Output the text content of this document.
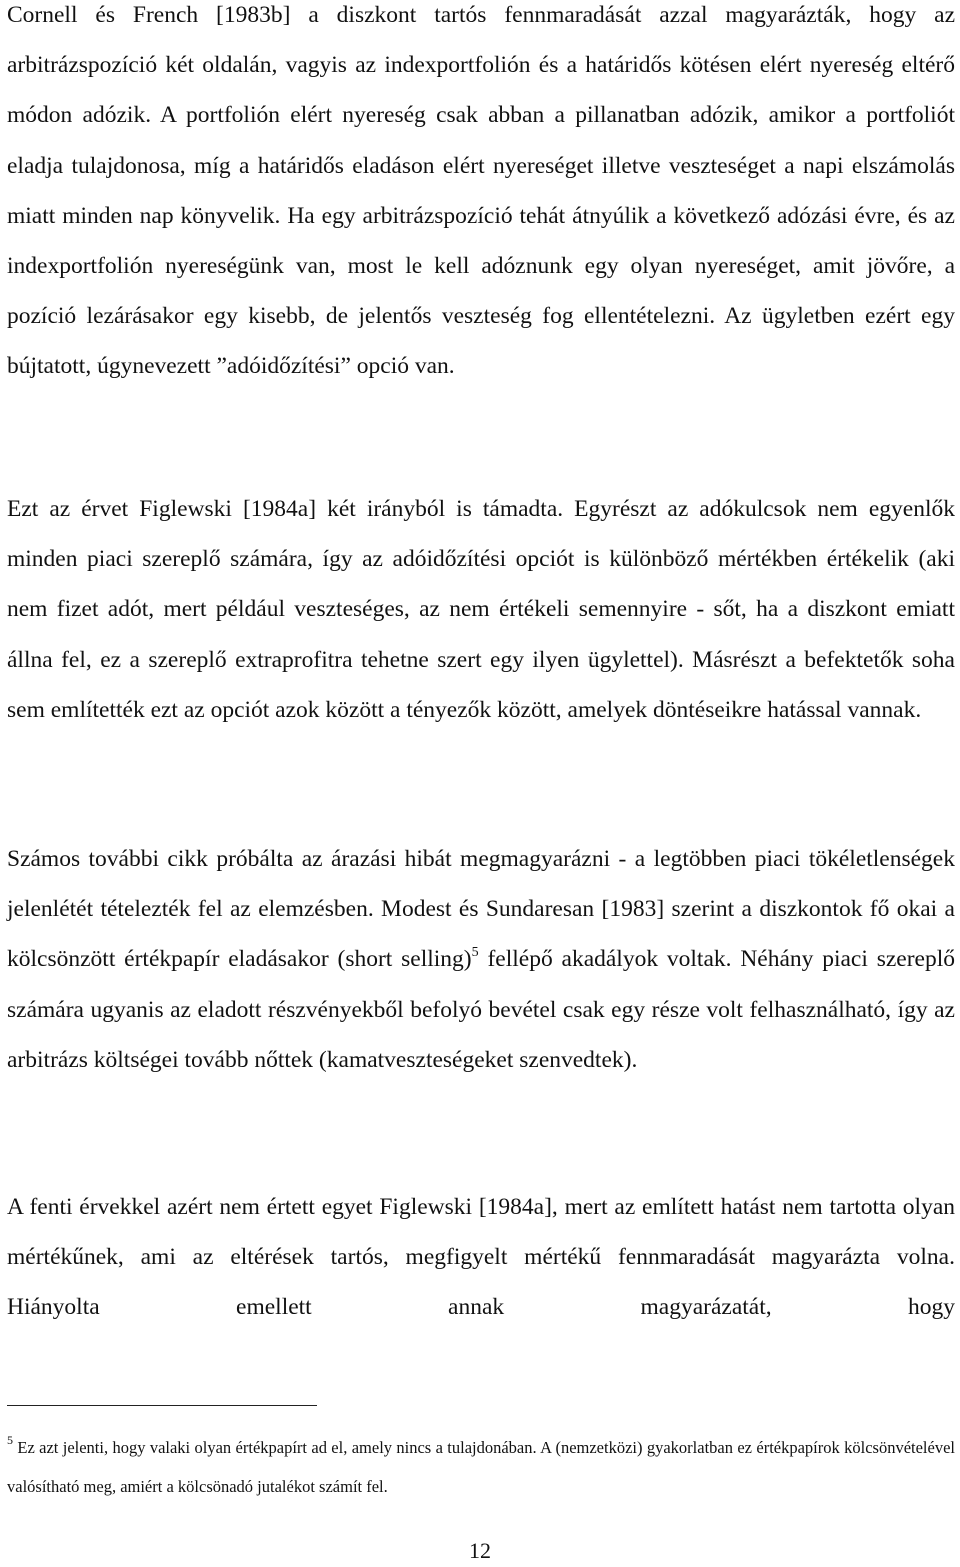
Cornell és French [1983b] a diszkont tartós fennmaradását azzal magyarázták, hogy az arbitrázspozíció két oldalán, vagyis az indexportfolión és a határidős kötésen elért nyereség eltérő módon adózik. A portfolión elért nyereség csak abban a pillanatban adózik, amikor a portfoliót eladja tulajdonosa, míg a határidős eladáson elért nyereséget illetve veszteséget a napi elszámolás miatt minden nap könyvelik. Ha egy arbitrázspozíció tehát átnyúlik a következő adózási évre, és az indexportfolión nyereségünk van, most le kell adóznunk egy olyan nyereséget, amit jövőre, a pozíció lezárásakor egy kisebb, de jelentős veszteség fog ellentételezni. Az ügyletben ezért egy bújtatott, úgynevezett ”adóidőzítési” opció van.

Ezt az érvet Figlewski [1984a] két irányból is támadta. Egyrészt az adókulcsok nem egyenlők minden piaci szereplő számára, így az adóidőzítési opciót is különböző mértékben értékelik (aki nem fizet adót, mert például veszteséges, az nem értékeli semennyire - sőt, ha a diszkont emiatt állna fel, ez a szereplő extraprofitra tehetne szert egy ilyen ügylettel). Másrészt a befektetők soha sem említették ezt az opciót azok között a tényezők között, amelyek döntéseikre hatással vannak.

Számos további cikk próbálta az árazási hibát megmagyarázni - a legtöbben piaci tökéletlenségek jelenlétét tételezték fel az elemzésben. Modest és Sundaresan [1983] szerint a diszkontok fő okai a kölcsönzött értékpapír eladásakor (short selling)$^5$ fellépő akadályok voltak. Néhány piaci szereplő számára ugyanis az eladott részvényekből befolyó bevétel csak egy része volt felhasználható, így az arbitrázs költségei tovább nőttek (kamatveszteségeket szenvedtek).

A fenti érvekkel azért nem értett egyet Figlewski [1984a], mert az említett hatást nem tartotta olyan mértékűnek, ami az eltérések tartós, megfigyelt mértékű fennmaradását magyarázta volna. Hiányolta emellett annak magyarázatát, hogy

$^5$ Ez azt jelenti, hogy valaki olyan értékpapírt ad el, amely nincs a tulajdonában. A (nemzetközi) gyakorlatban ez értékpapírok kölcsönvételével valósítható meg, amiért a kölcsönadó jutalékot számít fel.

12
